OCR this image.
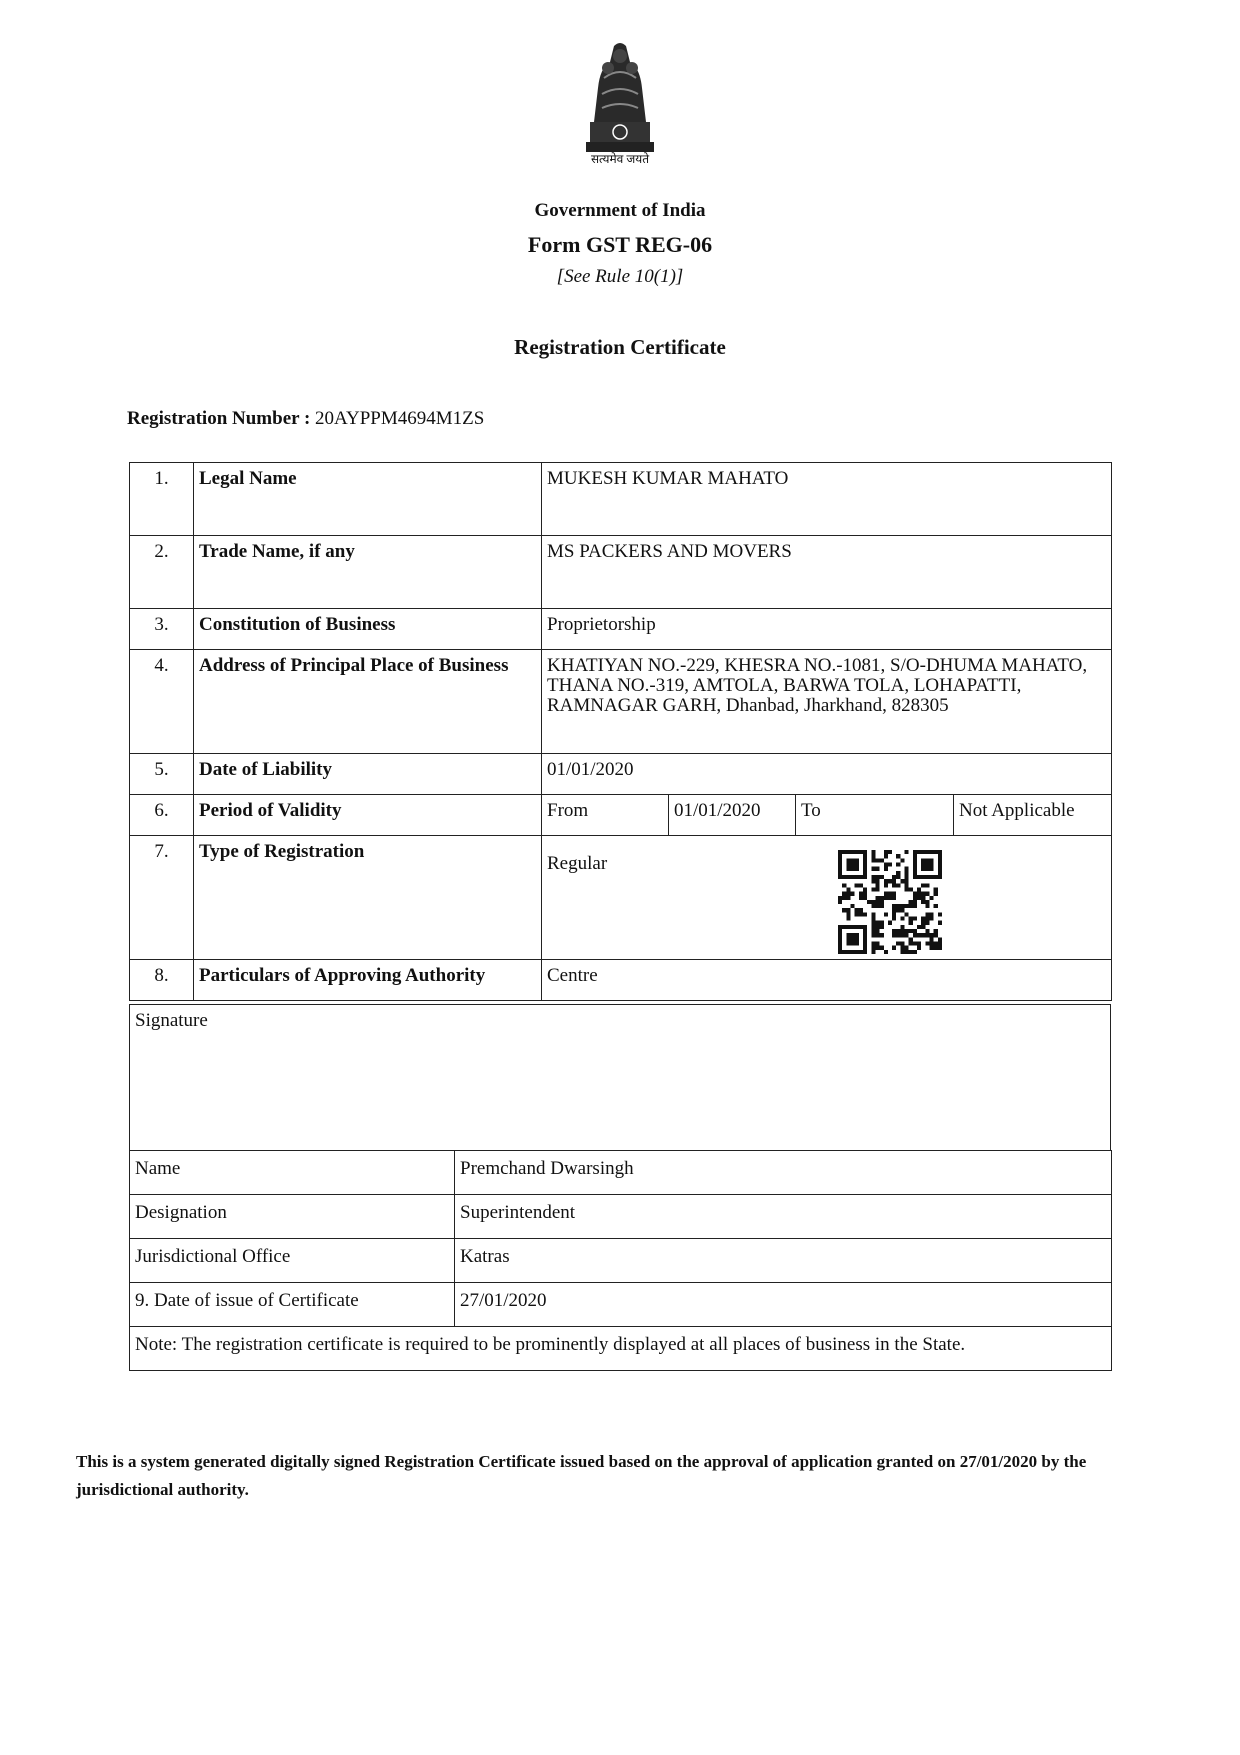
सत्यमेव जयते
Government of India
Form GST REG-06
[See Rule 10(1)]
Registration Certificate
Registration Number : 20AYPPM4694M1ZS
1.	Legal Name	MUKESH KUMAR MAHATO			
2.	Trade Name, if any	MS PACKERS AND MOVERS			
3.	Constitution of Business	Proprietorship			
4.	Address of Principal Place of Business	KHATIYAN NO.-229, KHESRA NO.-1081, S/O-DHUMA MAHATO, THANA NO.-319, AMTOLA, BARWA TOLA, LOHAPATTI, RAMNAGAR GARH, Dhanbad, Jharkhand, 828305			
5.	Date of Liability	01/01/2020			
6.	Period of Validity	From	01/01/2020	To	Not Applicable
7.	Type of Registration	Regular			
8.	Particulars of Approving Authority	Centre			
Signature
Name	Premchand Dwarsingh
Designation	Superintendent
Jurisdictional Office	Katras
9. Date of issue of Certificate	27/01/2020
Note: The registration certificate is required to be prominently displayed at all places of business in the State.	
This is a system generated digitally signed Registration Certificate issued based on the approval of application granted on 27/01/2020 by the jurisdictional authority.
